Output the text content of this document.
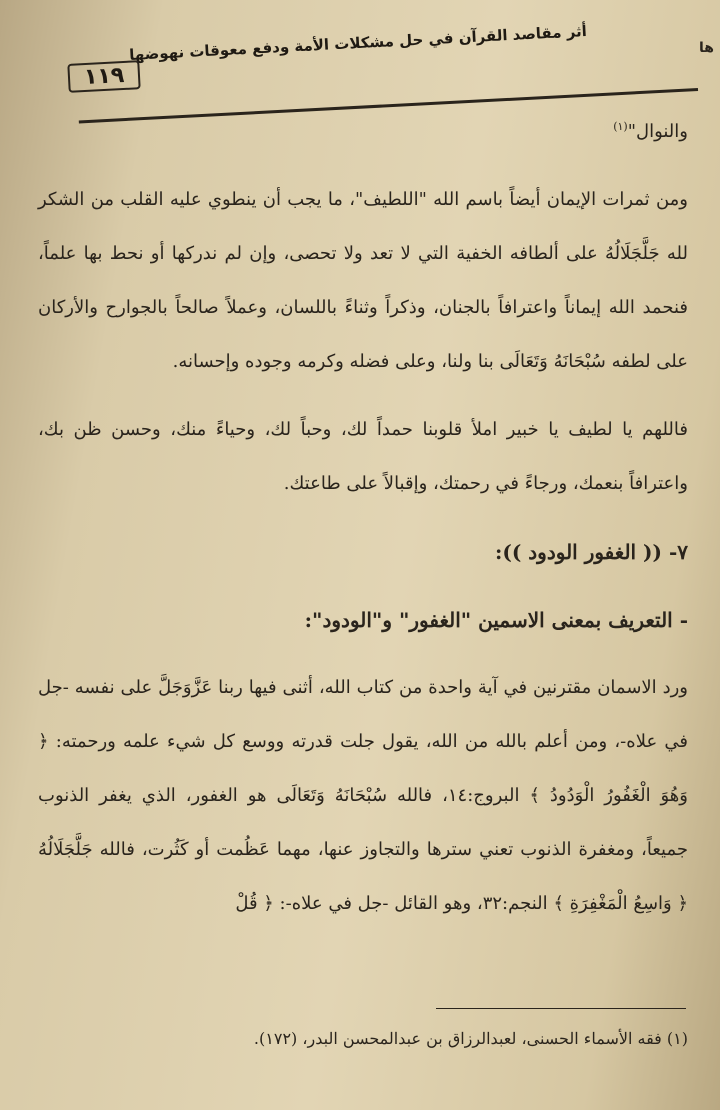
أثر مقاصد القرآن في حل مشكلات الأمة ودفع معوقات نهوضها
١١٩
ها

والنوال"$^{(١)}$

ومن ثمرات الإيمان أيضاً باسم الله "اللطيف"، ما يجب أن ينطوي عليه القلب من الشكر لله جَلَّجَلَالُهُ على ألطافه الخفية التي لا تعد ولا تحصى، وإن لم ندركها أو نحط بها علماً، فنحمد الله إيماناً واعترافاً بالجنان، وذكراً وثناءً باللسان، وعملاً صالحاً بالجوارح والأركان على لطفه سُبْحَانَهُ وَتَعَالَى بنا ولنا، وعلى فضله وكرمه وجوده وإحسانه.

فاللهم يا لطيف يا خبير املأ قلوبنا حمداً لك، وحباً لك، وحياءً منك، وحسن ظن بك، واعترافاً بنعمك، ورجاءً في رحمتك، وإقبالاً على طاعتك.

٧- (( الغفور الودود )):

- التعريف بمعنى الاسمين "الغفور" و"الودود":

ورد الاسمان مقترنين في آية واحدة من كتاب الله، أثنى فيها ربنا عَزَّوَجَلَّ على نفسه -جل في علاه-، ومن أعلم بالله من الله، يقول جلت قدرته ووسع كل شيء علمه ورحمته: ﴿ وَهُوَ الْغَفُورُ الْوَدُودُ ﴾ البروج:١٤، فالله سُبْحَانَهُ وَتَعَالَى هو الغفور، الذي يغفر الذنوب جميعاً، ومغفرة الذنوب تعني سترها والتجاوز عنها، مهما عَظُمت أو كَثُرت، فالله جَلَّجَلَالُهُ ﴿ وَاسِعُ الْمَغْفِرَةِ ﴾ النجم:٣٢، وهو القائل -جل في علاه-: ﴿ قُلْ

(١) فقه الأسماء الحسنى، لعبدالرزاق بن عبدالمحسن البدر، (١٧٢).
